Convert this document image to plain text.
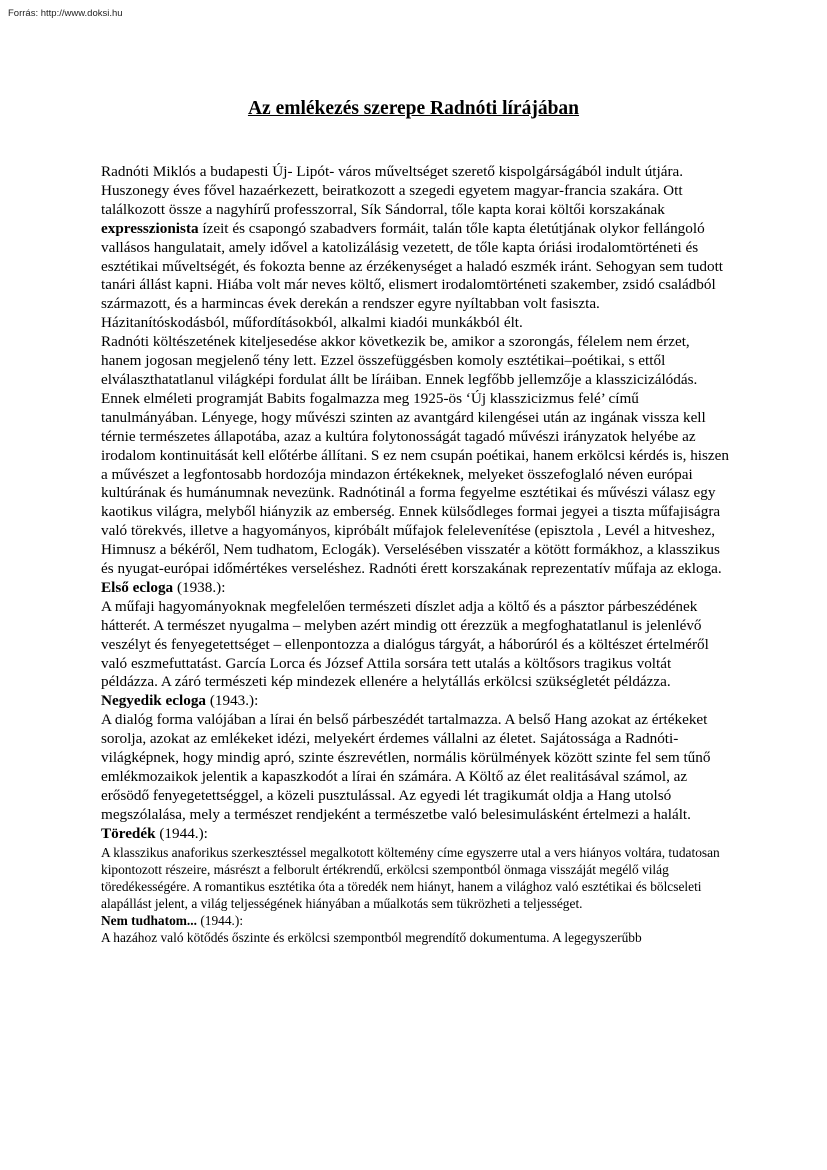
Forrás: http://www.doksi.hu
Az emlékezés szerepe Radnóti lírájában

Radnóti Miklós a budapesti Új- Lipót- város műveltséget szerető kispolgárságából indult útjára. Huszonegy éves fővel hazaérkezett, beiratkozott a szegedi egyetem magyar-francia szakára. Ott találkozott össze a nagyhírű professzorral, Sík Sándorral, tőle kapta korai költői korszakának expresszionista ízeit és csapongó szabadvers formáit, talán tőle kapta életútjának olykor fellángoló vallásos hangulatait, amely idővel a katolizálásig vezetett, de tőle kapta óriási irodalomtörténeti és esztétikai műveltségét, és fokozta benne az érzékenységet a haladó eszmék iránt. Sehogyan sem tudott tanári állást kapni. Hiába volt már neves költő, elismert irodalomtörténeti szakember, zsidó családból származott, és a harmincas évek derekán a rendszer egyre nyíltabban volt fasiszta. Házitanítóskodásból, műfordításokból, alkalmi kiadói munkákból élt.

Radnóti költészetének kiteljesedése akkor következik be, amikor a szorongás, félelem nem érzet, hanem jogosan megjelenő tény lett. Ezzel összefüggésben komoly esztétikai–poétikai, s ettől elválaszthatatlanul világképi fordulat állt be líráiban. Ennek legfőbb jellemzője a klasszicizálódás. Ennek elméleti programját Babits fogalmazza meg 1925-ös ‘Új klasszicizmus felé’ című tanulmányában. Lényege, hogy művészi szinten az avantgárd kilengései után az ingának vissza kell térnie természetes állapotába, azaz a kultúra folytonosságát tagadó művészi irányzatok helyébe az irodalom kontinuitását kell előtérbe állítani. S ez nem csupán poétikai, hanem erkölcsi kérdés is, hiszen a művészet a legfontosabb hordozója mindazon értékeknek, melyeket összefoglaló néven európai kultúrának és humánumnak nevezünk. Radnótinál a forma fegyelme esztétikai és művészi válasz egy kaotikus világra, melyből hiányzik az emberség. Ennek külsődleges formai jegyei a tiszta műfajiságra való törekvés, illetve a hagyományos, kipróbált műfajok felelevenítése (episztola , Levél a hitveshez, Himnusz a békéről, Nem tudhatom, Eclogák). Verselésében visszatér a kötött formákhoz, a klasszikus és nyugat-európai időmértékes verseléshez. Radnóti érett korszakának reprezentatív műfaja az ekloga.

Első ecloga (1938.):

A műfaji hagyományoknak megfelelően természeti díszlet adja a költő és a pásztor párbeszédének hátterét. A természet nyugalma – melyben azért mindig ott érezzük a megfoghatatlanul is jelenlévő veszélyt és fenyegetettséget – ellenpontozza a dialógus tárgyát, a háborúról és a költészet értelméről való eszmefuttatást. García Lorca és József Attila sorsára tett utalás a költősors tragikus voltát példázza. A záró természeti kép mindezek ellenére a helytállás erkölcsi szükségletét példázza.

Negyedik ecloga (1943.):

A dialóg forma valójában a lírai én belső párbeszédét tartalmazza. A belső Hang azokat az értékeket sorolja, azokat az emlékeket idézi, melyekért érdemes vállalni az életet. Sajátossága a Radnóti-világképnek, hogy mindig apró, szinte észrevétlen, normális körülmények között szinte fel sem tűnő emlékmozaikok jelentik a kapaszkodót a lírai én számára. A Költő az élet realitásával számol, az erősödő fenyegetettséggel, a közeli pusztulással. Az egyedi lét tragikumát oldja a Hang utolsó megszólalása, mely a természet rendjeként a természetbe való belesimulásként értelmezi a halált.

Töredék (1944.):

A klasszikus anaforikus szerkesztéssel megalkotott költemény címe egyszerre utal a vers hiányos voltára, tudatosan kipontozott részeire, másrészt a felborult értékrendű, erkölcsi szempontból önmaga visszáját megélő világ töredékességére. A romantikus esztétika óta a töredék nem hiányt, hanem a világhoz való esztétikai és bölcseleti alapállást jelent, a világ teljességének hiányában a műalkotás sem tükrözheti a teljességet.

Nem tudhatom... (1944.):

A hazához való kötődés őszinte és erkölcsi szempontból megrendítő dokumentuma. A legegyszerűbb
